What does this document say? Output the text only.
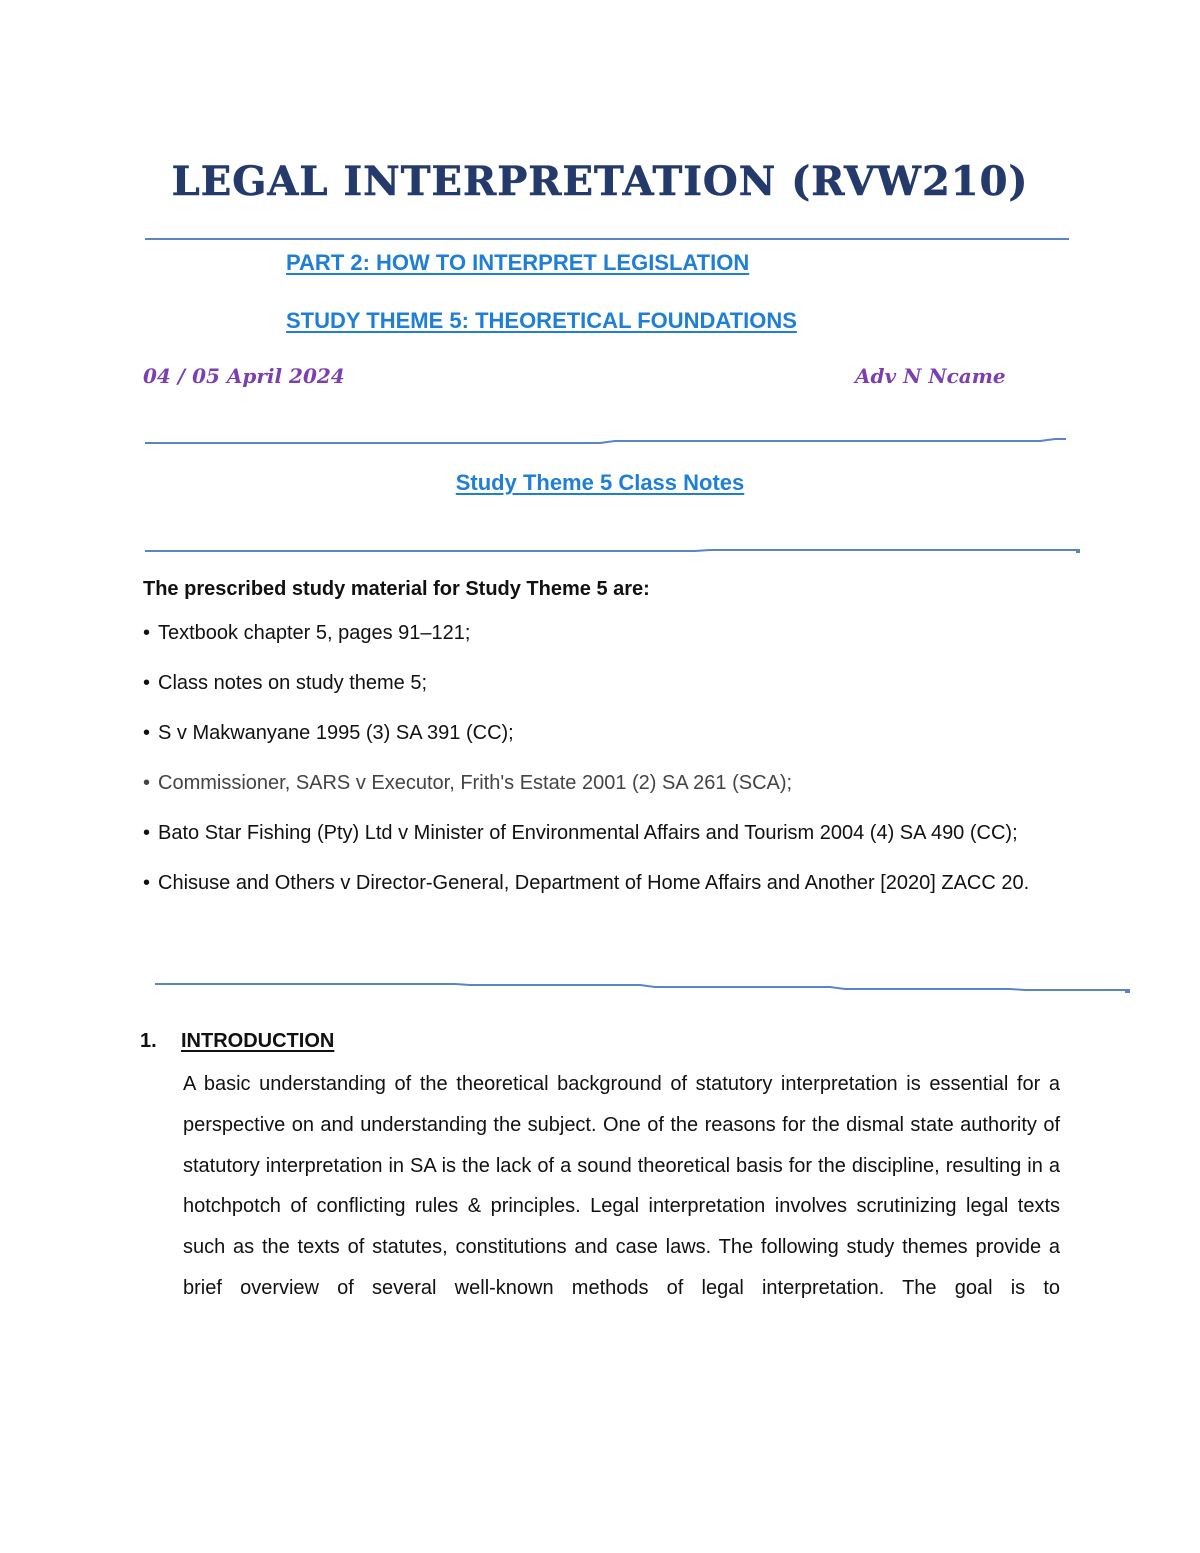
LEGAL INTERPRETATION (RVW210)
PART 2: HOW TO INTERPRET LEGISLATION
STUDY THEME 5: THEORETICAL FOUNDATIONS
04 / 05 April 2024	Adv N Ncame
Study Theme 5 Class Notes
The prescribed study material for Study Theme 5 are:
• Textbook chapter 5, pages 91–121;
• Class notes on study theme 5;
• S v Makwanyane 1995 (3) SA 391 (CC);
• Commissioner, SARS v Executor, Frith's Estate 2001 (2) SA 261 (SCA);
• Bato Star Fishing (Pty) Ltd v Minister of Environmental Affairs and Tourism 2004 (4) SA 490 (CC);
• Chisuse and Others v Director-General, Department of Home Affairs and Another [2020] ZACC 20.
1. INTRODUCTION

A basic understanding of the theoretical background of statutory interpretation is essential for a perspective on and understanding the subject. One of the reasons for the dismal state authority of statutory interpretation in SA is the lack of a sound theoretical basis for the discipline, resulting in a hotchpotch of conflicting rules & principles. Legal interpretation involves scrutinizing legal texts such as the texts of statutes, constitutions and case laws. The following study themes provide a brief overview of several well-known methods of legal interpretation. The goal is to
